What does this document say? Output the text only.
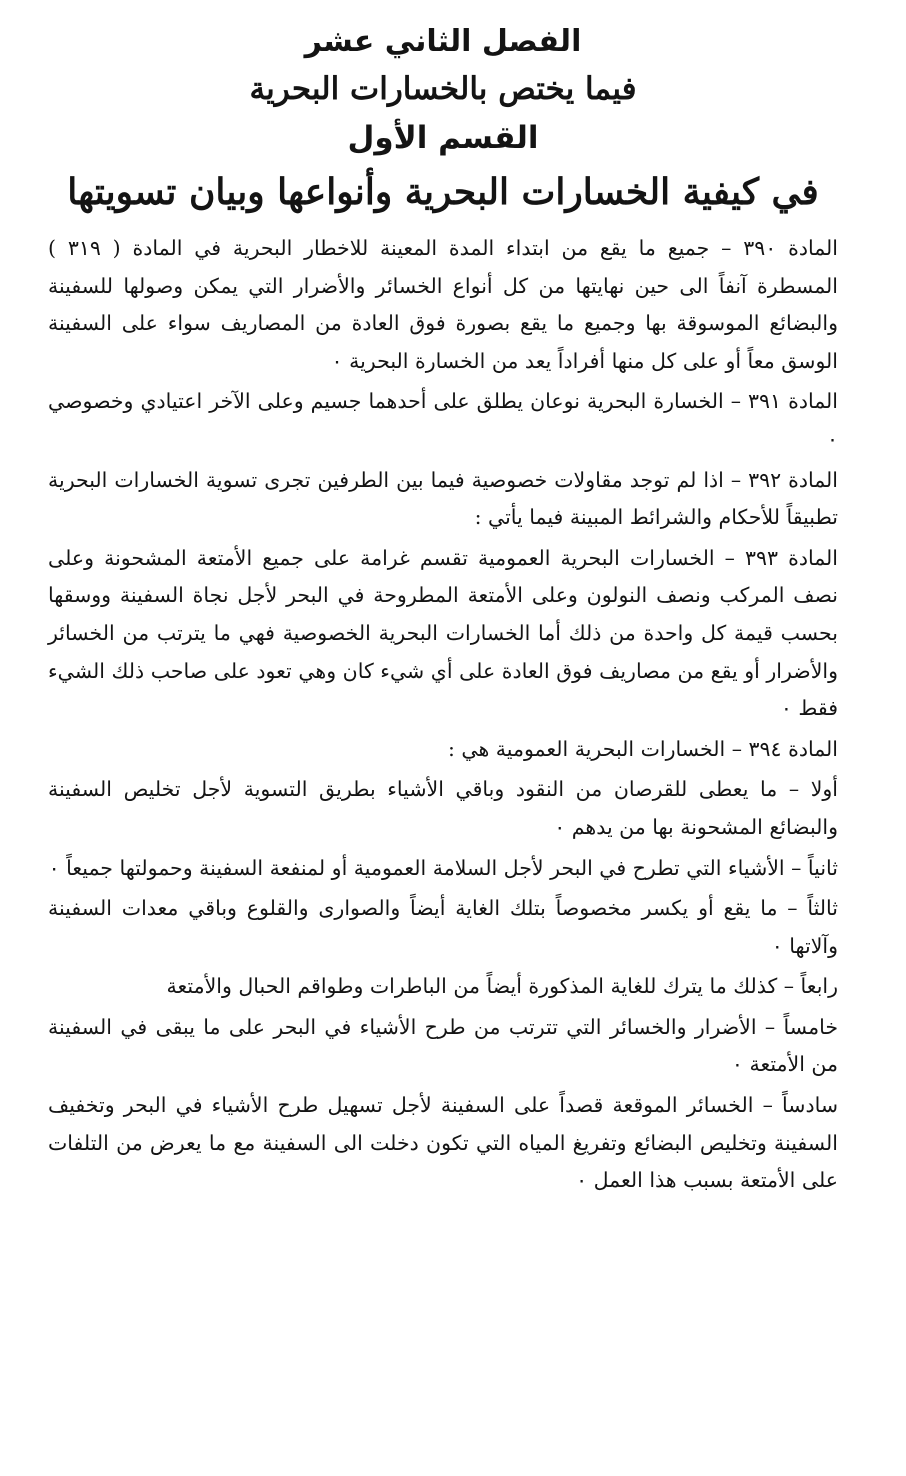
الفصل الثاني عشر
فيما يختص بالخسارات البحرية
القسم الأول
في كيفية الخسارات البحرية وأنواعها وبيان تسويتها

المادة ٣٩٠ – جميع ما يقع من ابتداء المدة المعينة للاخطار البحرية في المادة ( ٣١٩ ) المسطرة آنفاً الى حين نهايتها من كل أنواع الخسائر والأضرار التي يمكن وصولها للسفينة والبضائع الموسوقة بها وجميع ما يقع بصورة فوق العادة من المصاريف سواء على السفينة الوسق معاً أو على كل منها أفراداً يعد من الخسارة البحرية ٠

المادة ٣٩١ – الخسارة البحرية نوعان يطلق على أحدهما جسيم وعلى الآخر اعتيادي وخصوصي ٠

المادة ٣٩٢ – اذا لم توجد مقاولات خصوصية فيما بين الطرفين تجرى تسوية الخسارات البحرية تطبيقاً للأحكام والشرائط المبينة فيما يأتي :

المادة ٣٩٣ – الخسارات البحرية العمومية تقسم غرامة على جميع الأمتعة المشحونة وعلى نصف المركب ونصف النولون وعلى الأمتعة المطروحة في البحر لأجل نجاة السفينة ووسقها بحسب قيمة كل واحدة من ذلك أما الخسارات البحرية الخصوصية فهي ما يترتب من الخسائر والأضرار أو يقع من مصاريف فوق العادة على أي شيء كان وهي تعود على صاحب ذلك الشيء فقط ٠

المادة ٣٩٤ – الخسارات البحرية العمومية هي :

أولا – ما يعطى للقرصان من النقود وباقي الأشياء بطريق التسوية لأجل تخليص السفينة والبضائع المشحونة بها من يدهم ٠

ثانياً – الأشياء التي تطرح في البحر لأجل السلامة العمومية أو لمنفعة السفينة وحمولتها جميعاً ٠

ثالثاً – ما يقع أو يكسر مخصوصاً بتلك الغاية أيضاً والصوارى والقلوع وباقي معدات السفينة وآلاتها ٠

رابعاً – كذلك ما يترك للغاية المذكورة أيضاً من الباطرات وطواقم الحبال والأمتعة

خامساً – الأضرار والخسائر التي تترتب من طرح الأشياء في البحر على ما يبقى في السفينة من الأمتعة ٠

سادساً – الخسائر الموقعة قصداً على السفينة لأجل تسهيل طرح الأشياء في البحر وتخفيف السفينة وتخليص البضائع وتفريغ المياه التي تكون دخلت الى السفينة مع ما يعرض من التلفات على الأمتعة بسبب هذا العمل ٠
